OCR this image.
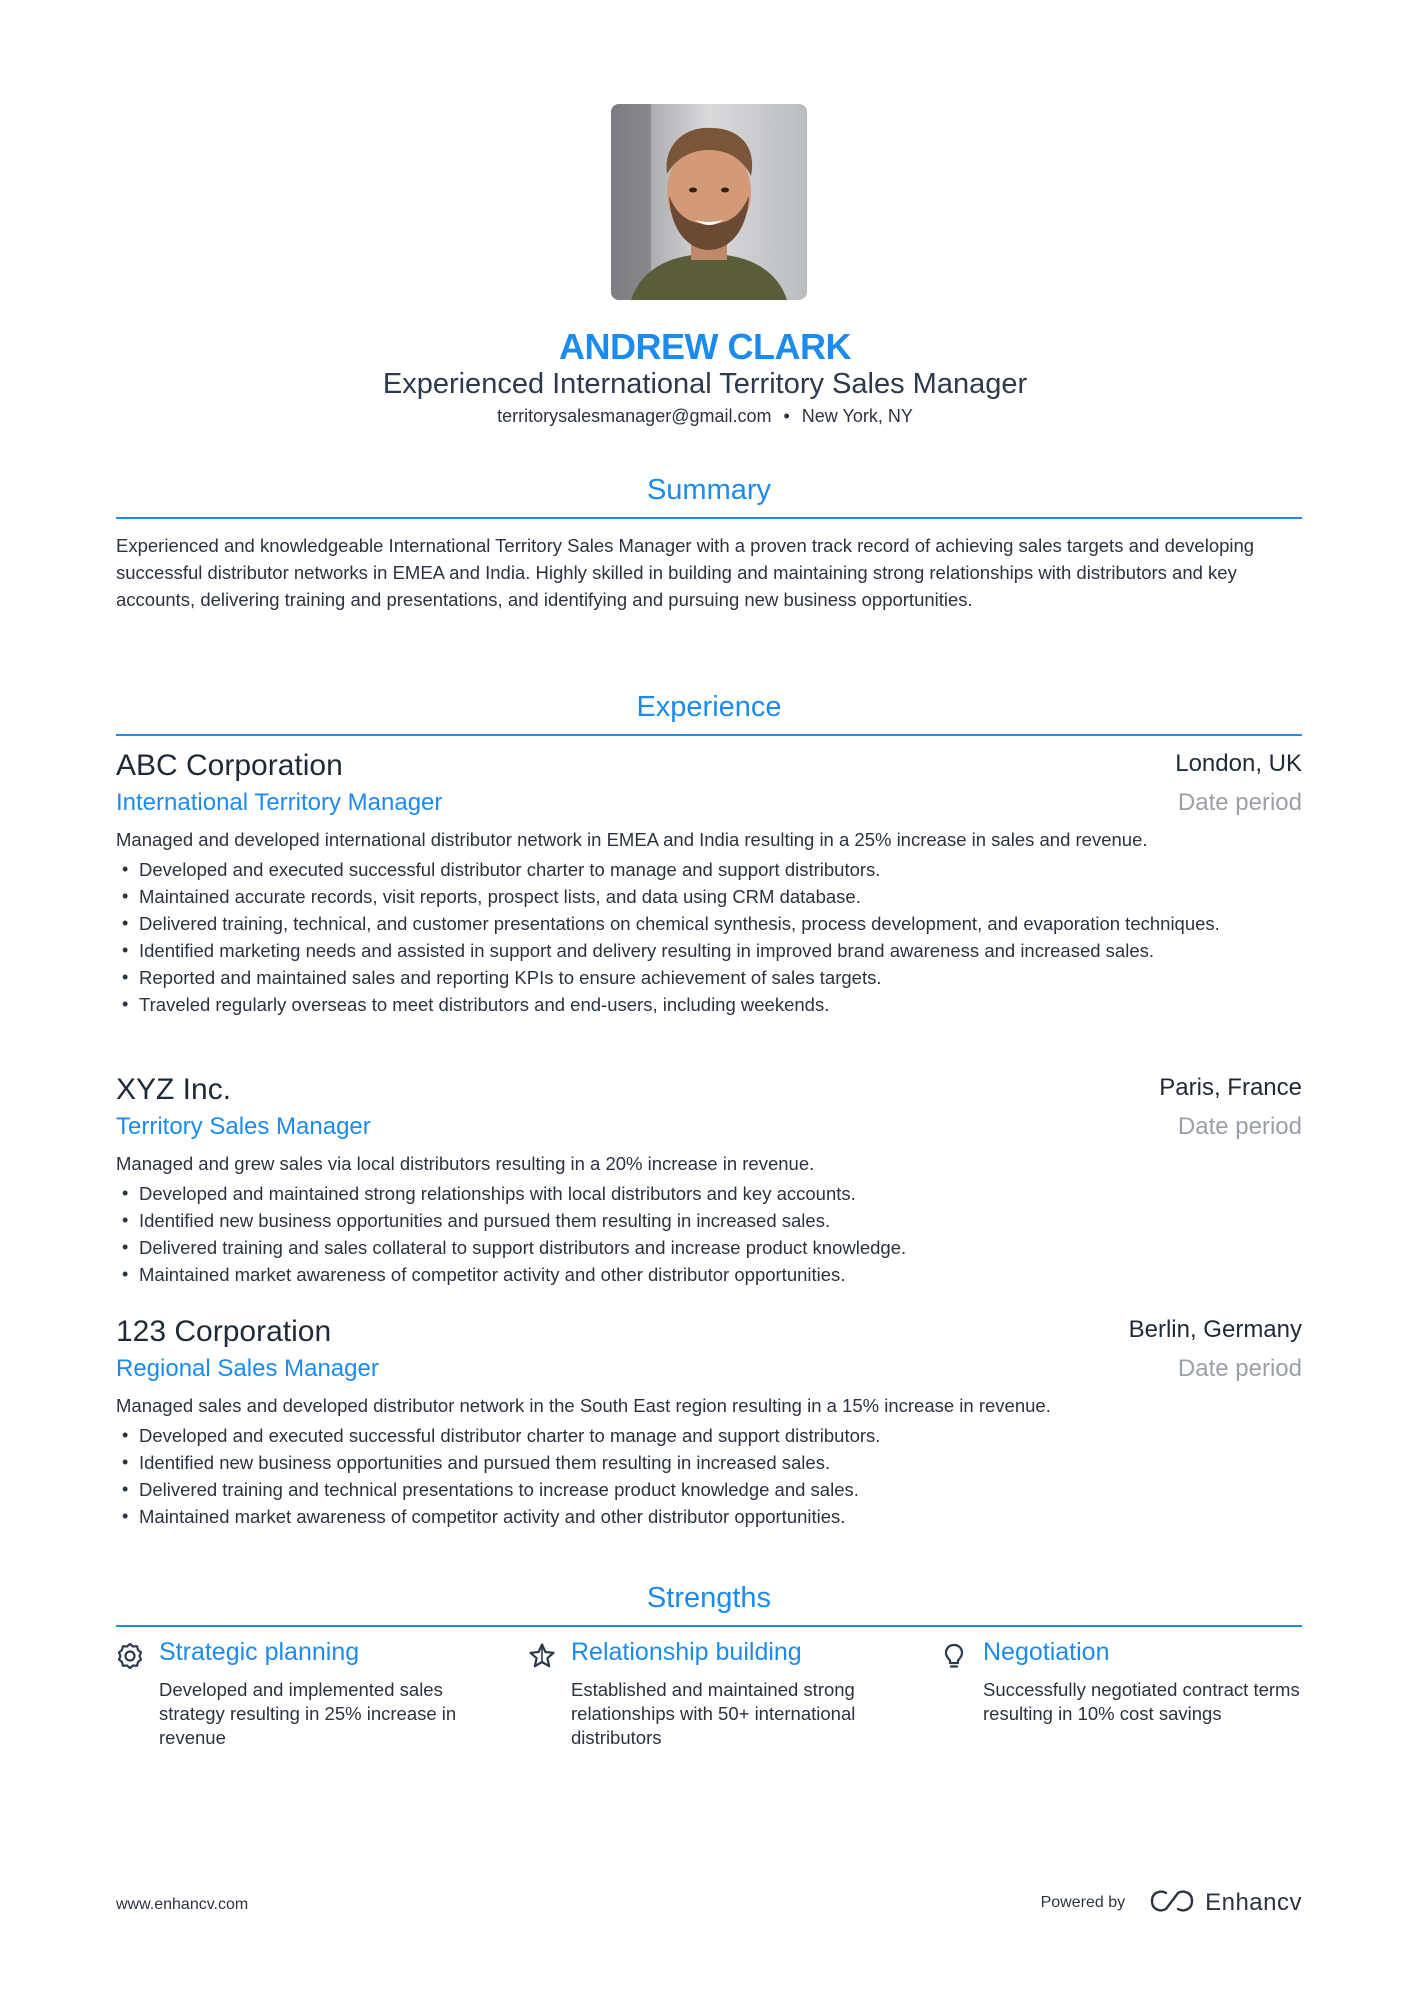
ANDREW CLARK
Experienced International Territory Sales Manager
territorysalesmanager@gmail.com • New York, NY
Summary
Experienced and knowledgeable International Territory Sales Manager with a proven track record of achieving sales targets and developing successful distributor networks in EMEA and India. Highly skilled in building and maintaining strong relationships with distributors and key accounts, delivering training and presentations, and identifying and pursuing new business opportunities.
Experience
ABC Corporation	London, UK
International Territory Manager	Date period
Managed and developed international distributor network in EMEA and India resulting in a 25% increase in sales and revenue.
• Developed and executed successful distributor charter to manage and support distributors.
• Maintained accurate records, visit reports, prospect lists, and data using CRM database.
• Delivered training, technical, and customer presentations on chemical synthesis, process development, and evaporation techniques.
• Identified marketing needs and assisted in support and delivery resulting in improved brand awareness and increased sales.
• Reported and maintained sales and reporting KPIs to ensure achievement of sales targets.
• Traveled regularly overseas to meet distributors and end-users, including weekends.
XYZ Inc.	Paris, France
Territory Sales Manager	Date period
Managed and grew sales via local distributors resulting in a 20% increase in revenue.
• Developed and maintained strong relationships with local distributors and key accounts.
• Identified new business opportunities and pursued them resulting in increased sales.
• Delivered training and sales collateral to support distributors and increase product knowledge.
• Maintained market awareness of competitor activity and other distributor opportunities.
123 Corporation	Berlin, Germany
Regional Sales Manager	Date period
Managed sales and developed distributor network in the South East region resulting in a 15% increase in revenue.
• Developed and executed successful distributor charter to manage and support distributors.
• Identified new business opportunities and pursued them resulting in increased sales.
• Delivered training and technical presentations to increase product knowledge and sales.
• Maintained market awareness of competitor activity and other distributor opportunities.
Strengths
Strategic planning
Developed and implemented sales strategy resulting in 25% increase in revenue
Relationship building
Established and maintained strong relationships with 50+ international distributors
Negotiation
Successfully negotiated contract terms resulting in 10% cost savings
www.enhancv.com	Powered by	Enhancv
